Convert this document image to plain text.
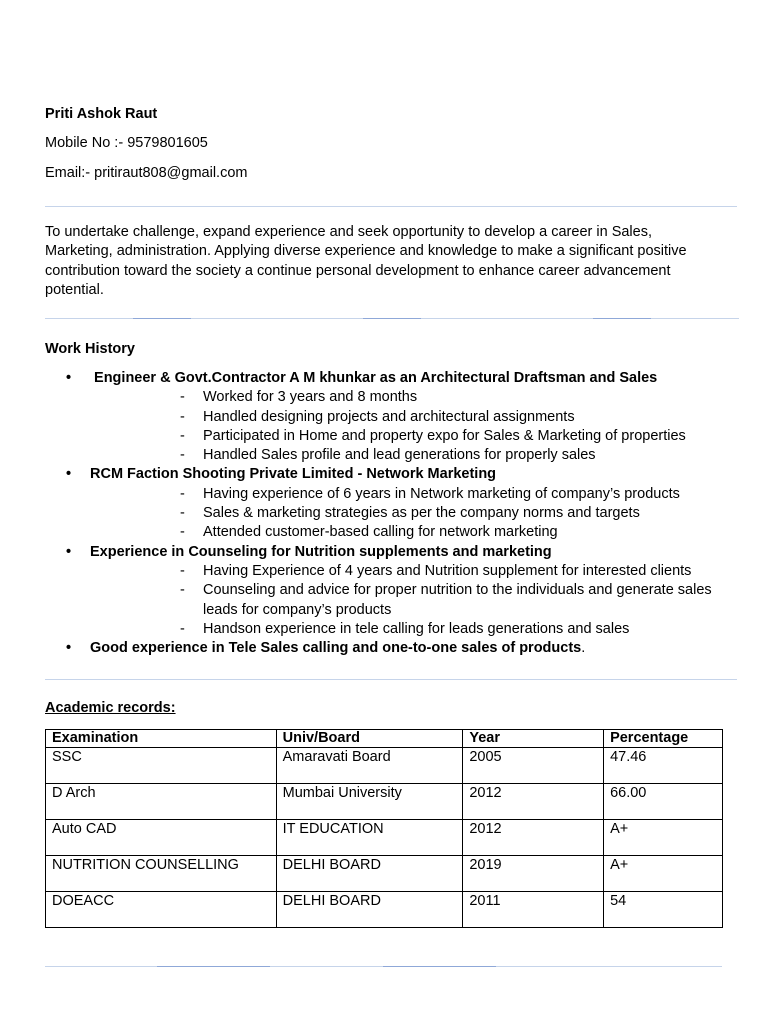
Priti Ashok Raut
Mobile No :- 9579801605
Email:- pritiraut808@gmail.com
To undertake challenge, expand experience and seek opportunity to develop a career in Sales, Marketing, administration. Applying diverse experience and knowledge to make a significant positive contribution toward the society a continue personal development to enhance career advancement potential.
Work History
• Engineer & Govt.Contractor A M khunkar as an Architectural Draftsman and Sales
- Worked for 3 years and 8 months
- Handled designing projects and architectural assignments
- Participated in Home and property expo for Sales & Marketing of properties
- Handled Sales profile and lead generations for properly sales
• RCM Faction Shooting Private Limited - Network Marketing
- Having experience of 6 years in Network marketing of company’s products
- Sales & marketing strategies as per the company norms and targets
- Attended customer-based calling for network marketing
• Experience in Counseling for Nutrition supplements and marketing
- Having Experience of 4 years and Nutrition supplement for interested clients
- Counseling and advice for proper nutrition to the individuals and generate sales leads for company’s products
- Handson experience in tele calling for leads generations and sales
• Good experience in Tele Sales calling and one-to-one sales of products.
Academic records:
Examination	Univ/Board	Year	Percentage
SSC	Amaravati Board	2005	47.46
D Arch	Mumbai University	2012	66.00
Auto CAD	IT EDUCATION	2012	A+
NUTRITION COUNSELLING	DELHI BOARD	2019	A+
DOEACC	DELHI BOARD	2011	54
